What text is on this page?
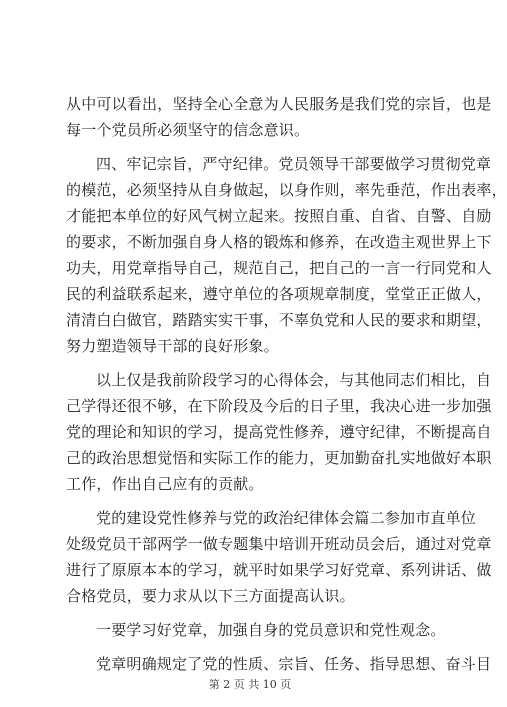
从中可以看出，坚持全心全意为人民服务是我们党的宗旨，也是
每一个党员所必须坚守的信念意识。
四、牢记宗旨，严守纪律。党员领导干部要做学习贯彻党章
的模范，必须坚持从自身做起，以身作则，率先垂范，作出表率，
才能把本单位的好风气树立起来。按照自重、自省、自警、自励
的要求，不断加强自身人格的锻炼和修养，在改造主观世界上下
功夫，用党章指导自己，规范自己，把自己的一言一行同党和人
民的利益联系起来，遵守单位的各项规章制度，堂堂正正做人，
清清白白做官，踏踏实实干事，不辜负党和人民的要求和期望，
努力塑造领导干部的良好形象。
以上仅是我前阶段学习的心得体会，与其他同志们相比，自
己学得还很不够，在下阶段及今后的日子里，我决心进一步加强
党的理论和知识的学习，提高党性修养，遵守纪律，不断提高自
己的政治思想觉悟和实际工作的能力，更加勤奋扎实地做好本职
工作，作出自己应有的贡献。
党的建设党性修养与党的政治纪律体会篇二参加市直单位
处级党员干部两学一做专题集中培训开班动员会后，通过对党章
进行了原原本本的学习，就平时如果学习好党章、系列讲话、做
合格党员，要力求从以下三方面提高认识。
一要学习好党章，加强自身的党员意识和党性观念。
党章明确规定了党的性质、宗旨、任务、指导思想、奋斗目
第 2 页 共 10 页
